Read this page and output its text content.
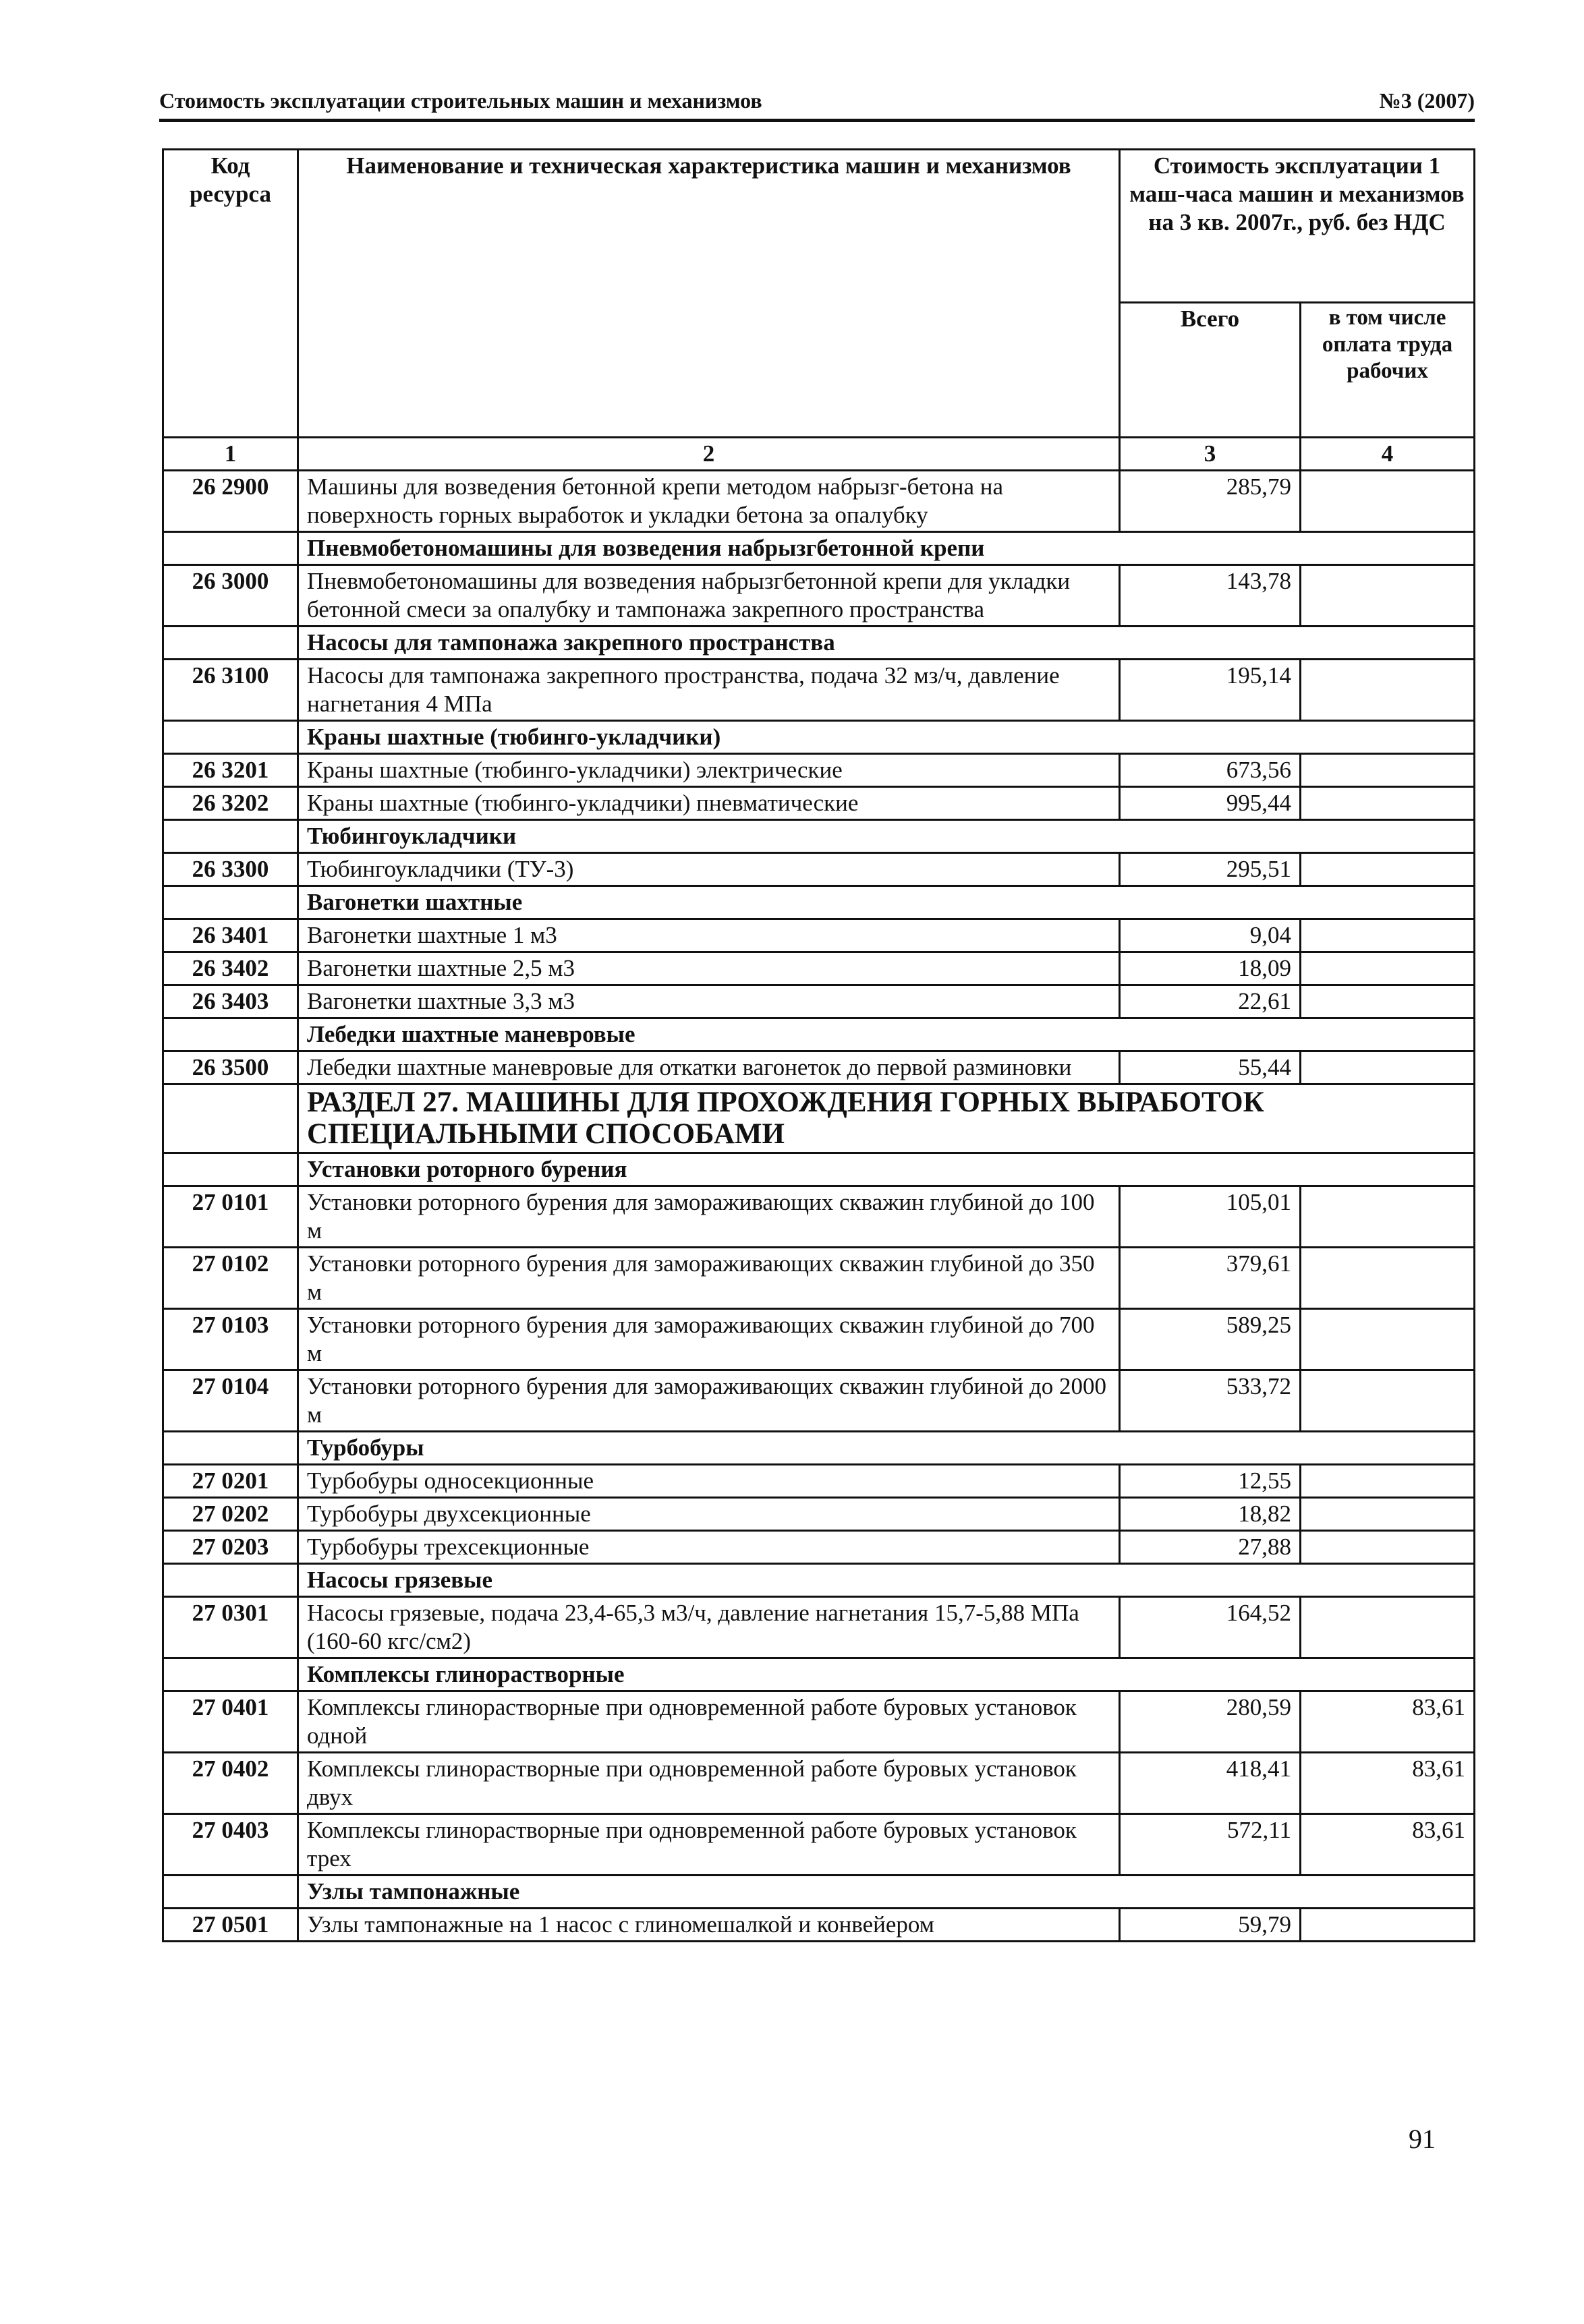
Стоимость эксплуатации строительных машин и механизмов	№3 (2007)
Код ресурса	Наименование и техническая характеристика машин и механизмов	Стоимость эксплуатации 1 маш-часа машин и механизмов на 3 кв. 2007г., руб. без НДС	
		Всего	в том числе оплата труда рабочих
1	2	3	4
26 2900	Машины для возведения бетонной крепи методом набрызг-бетона на поверхность горных выработок и укладки бетона за опалубку	285,79	
	Пневмобетономашины для возведения набрызгбетонной крепи		
26 3000	Пневмобетономашины для возведения набрызгбетонной крепи для укладки бетонной смеси за опалубку и тампонажа закрепного пространства	143,78	
	Насосы для тампонажа закрепного пространства		
26 3100	Насосы для тампонажа закрепного пространства, подача 32 мз/ч, давление нагнетания 4 МПа	195,14	
	Краны шахтные (тюбинго-укладчики)		
26 3201	Краны шахтные (тюбинго-укладчики) электрические	673,56	
26 3202	Краны шахтные (тюбинго-укладчики) пневматические	995,44	
	Тюбингоукладчики		
26 3300	Тюбингоукладчики (ТУ-3)	295,51	
	Вагонетки шахтные		
26 3401	Вагонетки шахтные 1 м3	9,04	
26 3402	Вагонетки шахтные 2,5 м3	18,09	
26 3403	Вагонетки шахтные 3,3 м3	22,61	
	Лебедки шахтные маневровые		
26 3500	Лебедки шахтные маневровые для откатки вагонеток до первой разминовки	55,44	
	РАЗДЕЛ 27. МАШИНЫ ДЛЯ ПРОХОЖДЕНИЯ ГОРНЫХ ВЫРАБОТОК СПЕЦИАЛЬНЫМИ СПОСОБАМИ		
	Установки роторного бурения		
27 0101	Установки роторного бурения для замораживающих скважин глубиной до 100 м	105,01	
27 0102	Установки роторного бурения для замораживающих скважин глубиной до 350 м	379,61	
27 0103	Установки роторного бурения для замораживающих скважин глубиной до 700 м	589,25	
27 0104	Установки роторного бурения для замораживающих скважин глубиной до 2000 м	533,72	
	Турбобуры		
27 0201	Турбобуры односекционные	12,55	
27 0202	Турбобуры двухсекционные	18,82	
27 0203	Турбобуры трехсекционные	27,88	
	Насосы грязевые		
27 0301	Насосы грязевые, подача 23,4-65,3 м3/ч, давление нагнетания 15,7-5,88 МПа (160-60 кгс/см2)	164,52	
	Комплексы глинорастворные		
27 0401	Комплексы глинорастворные при одновременной работе буровых установок одной	280,59	83,61
27 0402	Комплексы глинорастворные при одновременной работе буровых установок двух	418,41	83,61
27 0403	Комплексы глинорастворные при одновременной работе буровых установок трех	572,11	83,61
	Узлы тампонажные		
27 0501	Узлы тампонажные на 1 насос с глиномешалкой и конвейером	59,79	
91
